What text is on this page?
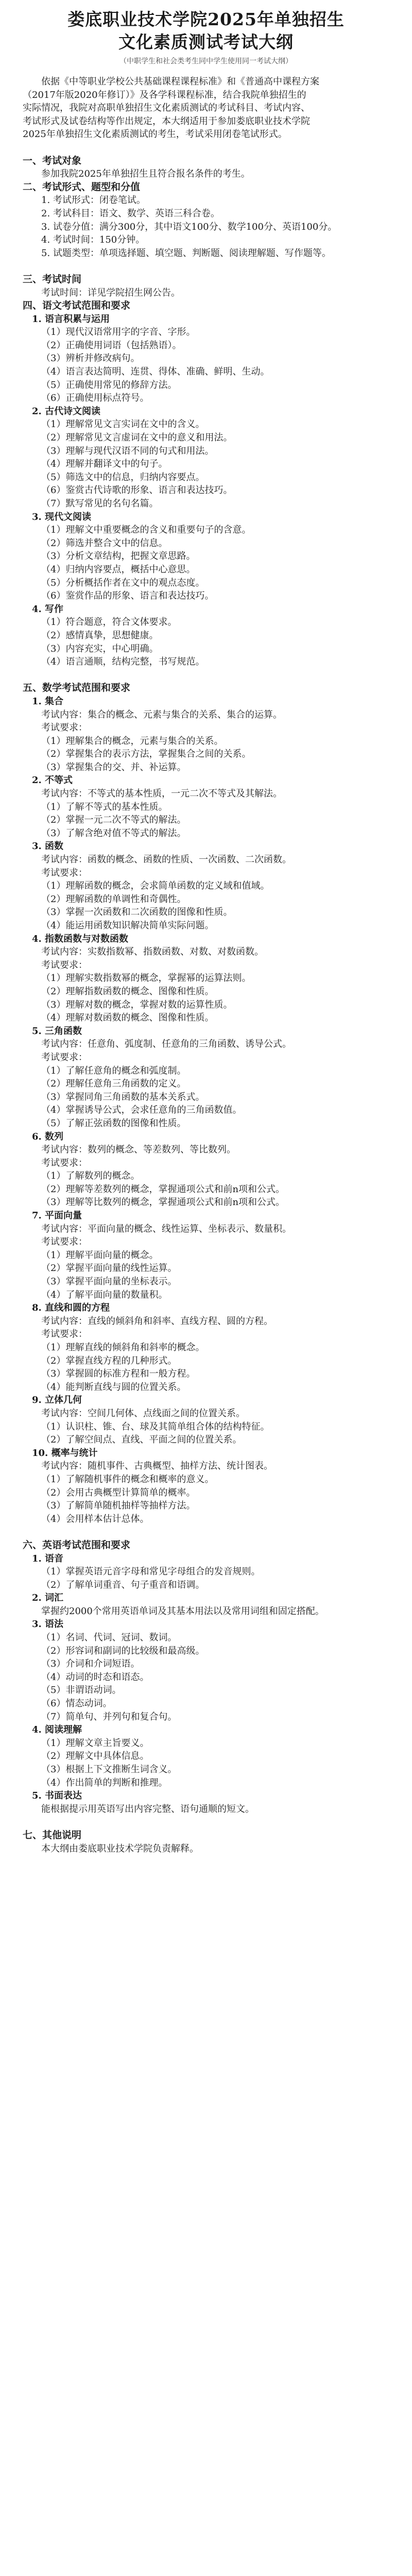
娄底职业技术学院2025年单独招生
文化素质测试考试大纲
（中职学生和社会类考生同中学生使用同一考试大纲）
依据《中等职业学校公共基础课程课程标准》和《普通高中课程方案
（2017年版2020年修订）》及各学科课程标准，结合我院单独招生的
实际情况，我院对高职单独招生文化素质测试的考试科目、考试内容、
考试形式及试卷结构等作出规定，本大纲适用于参加娄底职业技术学院
2025年单独招生文化素质测试的考生，考试采用闭卷笔试形式。
一、考试对象
参加我院2025年单独招生且符合报名条件的考生。
二、考试形式、题型和分值
1. 考试形式：闭卷笔试。
2. 考试科目：语文、数学、英语三科合卷。
3. 试卷分值：满分300分，其中语文100分、数学100分、英语100分。
4. 考试时间：150分钟。
5. 试题类型：单项选择题、填空题、判断题、阅读理解题、写作题等。
三、考试时间
考试时间：详见学院招生网公告。
四、语文考试范围和要求
1. 语言积累与运用
（1）现代汉语常用字的字音、字形。
（2）正确使用词语（包括熟语）。
（3）辨析并修改病句。
（4）语言表达简明、连贯、得体、准确、鲜明、生动。
（5）正确使用常见的修辞方法。
（6）正确使用标点符号。
2. 古代诗文阅读
（1）理解常见文言实词在文中的含义。
（2）理解常见文言虚词在文中的意义和用法。
（3）理解与现代汉语不同的句式和用法。
（4）理解并翻译文中的句子。
（5）筛选文中的信息，归纳内容要点。
（6）鉴赏古代诗歌的形象、语言和表达技巧。
（7）默写常见的名句名篇。
3. 现代文阅读
（1）理解文中重要概念的含义和重要句子的含意。
（2）筛选并整合文中的信息。
（3）分析文章结构，把握文章思路。
（4）归纳内容要点，概括中心意思。
（5）分析概括作者在文中的观点态度。
（6）鉴赏作品的形象、语言和表达技巧。
4. 写作
（1）符合题意，符合文体要求。
（2）感情真挚，思想健康。
（3）内容充实，中心明确。
（4）语言通顺，结构完整，书写规范。
五、数学考试范围和要求
1. 集合
考试内容：集合的概念、元素与集合的关系、集合的运算。
考试要求：
（1）理解集合的概念，元素与集合的关系。
（2）掌握集合的表示方法，掌握集合之间的关系。
（3）掌握集合的交、并、补运算。
2. 不等式
考试内容：不等式的基本性质，一元二次不等式及其解法。
（1）了解不等式的基本性质。
（2）掌握一元二次不等式的解法。
（3）了解含绝对值不等式的解法。
3. 函数
考试内容：函数的概念、函数的性质、一次函数、二次函数。
考试要求：
（1）理解函数的概念，会求简单函数的定义域和值域。
（2）理解函数的单调性和奇偶性。
（3）掌握一次函数和二次函数的图像和性质。
（4）能运用函数知识解决简单实际问题。
4. 指数函数与对数函数
考试内容：实数指数幂、指数函数、对数、对数函数。
考试要求：
（1）理解实数指数幂的概念，掌握幂的运算法则。
（2）理解指数函数的概念、图像和性质。
（3）理解对数的概念，掌握对数的运算性质。
（4）理解对数函数的概念、图像和性质。
5. 三角函数
考试内容：任意角、弧度制、任意角的三角函数、诱导公式。
考试要求：
（1）了解任意角的概念和弧度制。
（2）理解任意角三角函数的定义。
（3）掌握同角三角函数的基本关系式。
（4）掌握诱导公式，会求任意角的三角函数值。
（5）了解正弦函数的图像和性质。
6. 数列
考试内容：数列的概念、等差数列、等比数列。
考试要求：
（1）了解数列的概念。
（2）理解等差数列的概念，掌握通项公式和前n项和公式。
（3）理解等比数列的概念，掌握通项公式和前n项和公式。
7. 平面向量
考试内容：平面向量的概念、线性运算、坐标表示、数量积。
考试要求：
（1）理解平面向量的概念。
（2）掌握平面向量的线性运算。
（3）掌握平面向量的坐标表示。
（4）了解平面向量的数量积。
8. 直线和圆的方程
考试内容：直线的倾斜角和斜率、直线方程、圆的方程。
考试要求：
（1）理解直线的倾斜角和斜率的概念。
（2）掌握直线方程的几种形式。
（3）掌握圆的标准方程和一般方程。
（4）能判断直线与圆的位置关系。
9. 立体几何
考试内容：空间几何体、点线面之间的位置关系。
（1）认识柱、锥、台、球及其简单组合体的结构特征。
（2）了解空间点、直线、平面之间的位置关系。
10. 概率与统计
考试内容：随机事件、古典概型、抽样方法、统计图表。
（1）了解随机事件的概念和概率的意义。
（2）会用古典概型计算简单的概率。
（3）了解简单随机抽样等抽样方法。
（4）会用样本估计总体。
六、英语考试范围和要求
1. 语音
（1）掌握英语元音字母和常见字母组合的发音规则。
（2）了解单词重音、句子重音和语调。
2. 词汇
掌握约2000个常用英语单词及其基本用法以及常用词组和固定搭配。
3. 语法
（1）名词、代词、冠词、数词。
（2）形容词和副词的比较级和最高级。
（3）介词和介词短语。
（4）动词的时态和语态。
（5）非谓语动词。
（6）情态动词。
（7）简单句、并列句和复合句。
4. 阅读理解
（1）理解文章主旨要义。
（2）理解文中具体信息。
（3）根据上下文推断生词含义。
（4）作出简单的判断和推理。
5. 书面表达
能根据提示用英语写出内容完整、语句通顺的短文。
七、其他说明
本大纲由娄底职业技术学院负责解释。
